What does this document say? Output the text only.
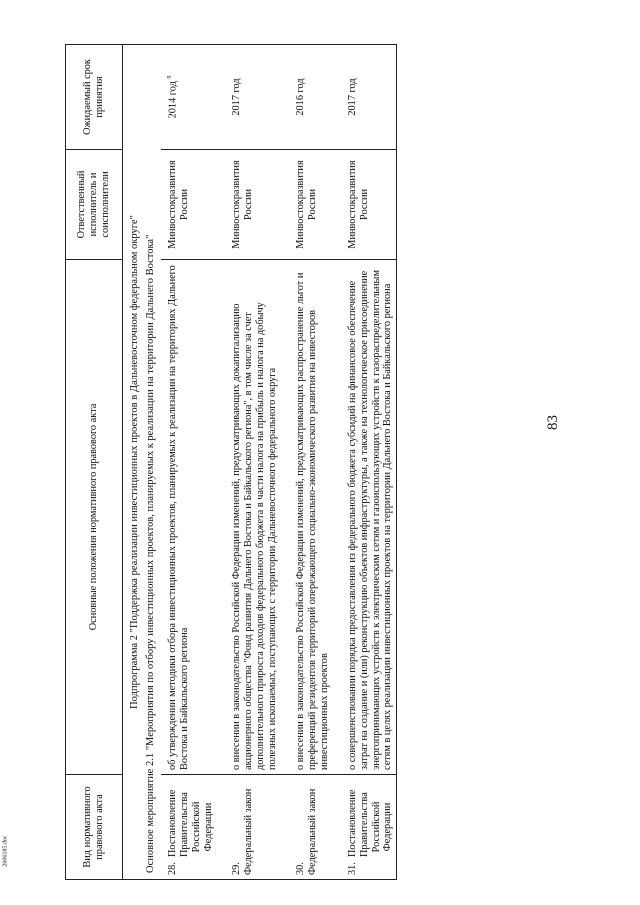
83
2606185.doc	Вид нормативного правового акта	Основные положения нормативного правового акта	Ответственный исполнитель и соисполнители	Ожидаемый срок принятия
Подпрограмма 2 "Поддержка реализации инвестиционных проектов в Дальневосточном федеральном округе"			
Основное мероприятие 2.1 "Мероприятия по отбору инвестиционных проектов, планируемых к реализации на территории Дальнего Востока"			
28.Постановление Правительства Российской Федерации	об утверждении методики отбора инвестиционных проектов, планируемых к реализации на территориях Дальнего Востока и Байкальского региона	Минвостокразвития России	2014 год $^9$

29.Федеральный закон	о внесении в законодательство Российской Федерации изменений, предусматривающих докапитализацию акционерного общества "Фонд развития Дальнего Востока и Байкальского региона", в том числе за счет дополнительного прироста доходов федерального бюджета в части налога на прибыль и налога на добычу полезных ископаемых, поступающих с территории Дальневосточного федерального округа	Минвостокразвития России	2017 год

30.Федеральный закон	о внесении в законодательство Российской Федерации изменений, предусматривающих распространение льгот и преференций резидентов территорий опережающего социально-экономического развития на инвесторов инвестиционных проектов	Минвостокразвития России	2016 год

31.Постановление Правительства Российской Федерации	о совершенствовании порядка предоставления из федерального бюджета субсидий на финансовое обеспечение затрат на создание и (или) реконструкцию объектов инфраструктуры, а также на технологическое присоединение энергопринимающих устройств к электрическим сетям и газоиспользующих устройств к газораспределительным сетям в целях реализации инвестиционных проектов на территории Дальнего Востока и Байкальского региона	Минвостокразвития России	2017 год
